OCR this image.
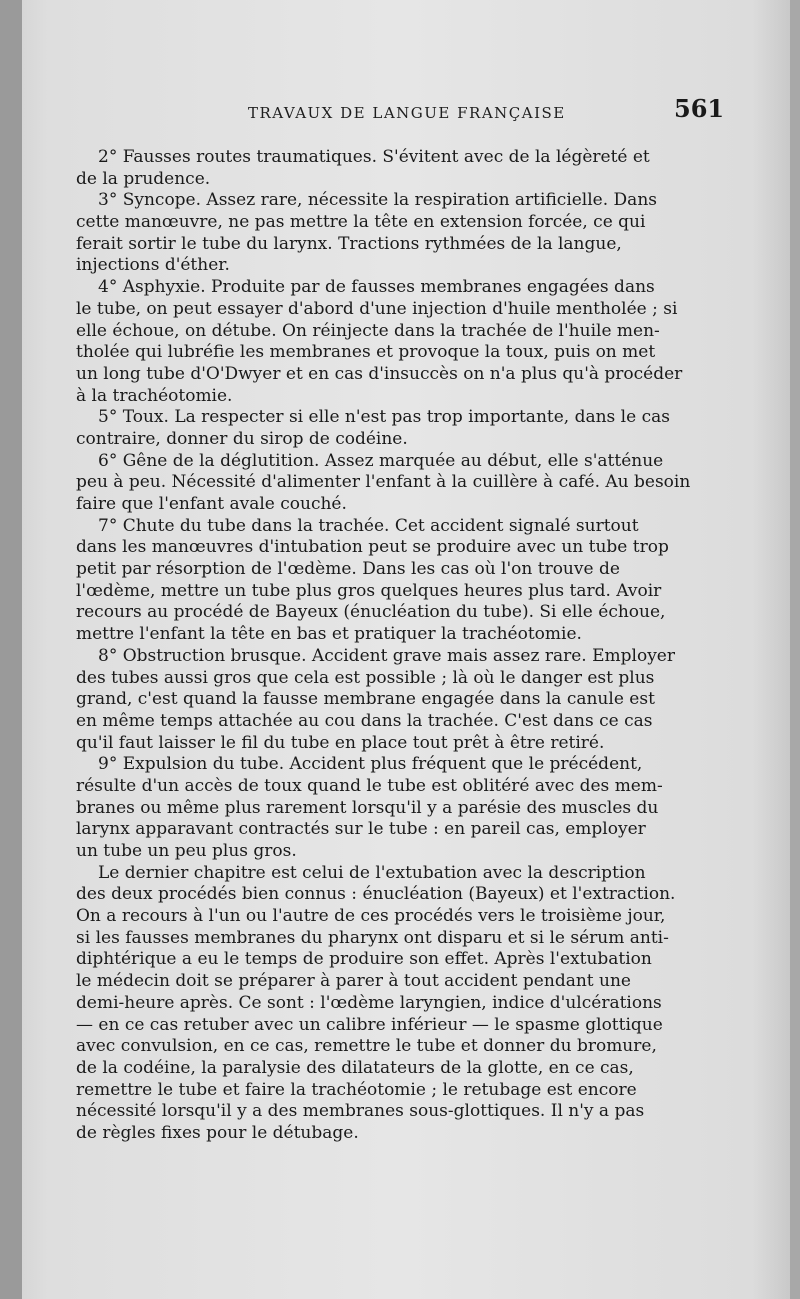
TRAVAUX DE LANGUE FRANÇAISE	561
2° Fausses routes traumatiques. S'évitent avec de la légèreté et
de la prudence.
3° Syncope. Assez rare, nécessite la respiration artificielle. Dans
cette manœuvre, ne pas mettre la tête en extension forcée, ce qui
ferait sortir le tube du larynx. Tractions rythmées de la langue,
injections d'éther.
4° Asphyxie. Produite par de fausses membranes engagées dans
le tube, on peut essayer d'abord d'une injection d'huile mentholée ; si
elle échoue, on détube. On réinjecte dans la trachée de l'huile men-
tholée qui lubréfie les membranes et provoque la toux, puis on met
un long tube d'O'Dwyer et en cas d'insuccès on n'a plus qu'à procéder
à la trachéotomie.
5° Toux. La respecter si elle n'est pas trop importante, dans le cas
contraire, donner du sirop de codéine.
6° Gêne de la déglutition. Assez marquée au début, elle s'atténue
peu à peu. Nécessité d'alimenter l'enfant à la cuillère à café. Au besoin
faire que l'enfant avale couché.
7° Chute du tube dans la trachée. Cet accident signalé surtout
dans les manœuvres d'intubation peut se produire avec un tube trop
petit par résorption de l'œdème. Dans les cas où l'on trouve de
l'œdème, mettre un tube plus gros quelques heures plus tard. Avoir
recours au procédé de Bayeux (énucléation du tube). Si elle échoue,
mettre l'enfant la tête en bas et pratiquer la trachéotomie.
8° Obstruction brusque. Accident grave mais assez rare. Employer
des tubes aussi gros que cela est possible ; là où le danger est plus
grand, c'est quand la fausse membrane engagée dans la canule est
en même temps attachée au cou dans la trachée. C'est dans ce cas
qu'il faut laisser le fil du tube en place tout prêt à être retiré.
9° Expulsion du tube. Accident plus fréquent que le précédent,
résulte d'un accès de toux quand le tube est oblitéré avec des mem-
branes ou même plus rarement lorsqu'il y a parésie des muscles du
larynx apparavant contractés sur le tube : en pareil cas, employer
un tube un peu plus gros.
Le dernier chapitre est celui de l'extubation avec la description
des deux procédés bien connus : énucléation (Bayeux) et l'extraction.
On a recours à l'un ou l'autre de ces procédés vers le troisième jour,
si les fausses membranes du pharynx ont disparu et si le sérum anti-
diphtérique a eu le temps de produire son effet. Après l'extubation
le médecin doit se préparer à parer à tout accident pendant une
demi-heure après. Ce sont : l'œdème laryngien, indice d'ulcérations
— en ce cas retuber avec un calibre inférieur — le spasme glottique
avec convulsion, en ce cas, remettre le tube et donner du bromure,
de la codéine, la paralysie des dilatateurs de la glotte, en ce cas,
remettre le tube et faire la trachéotomie ; le retubage est encore
nécessité lorsqu'il y a des membranes sous-glottiques. Il n'y a pas
de règles fixes pour le détubage.
